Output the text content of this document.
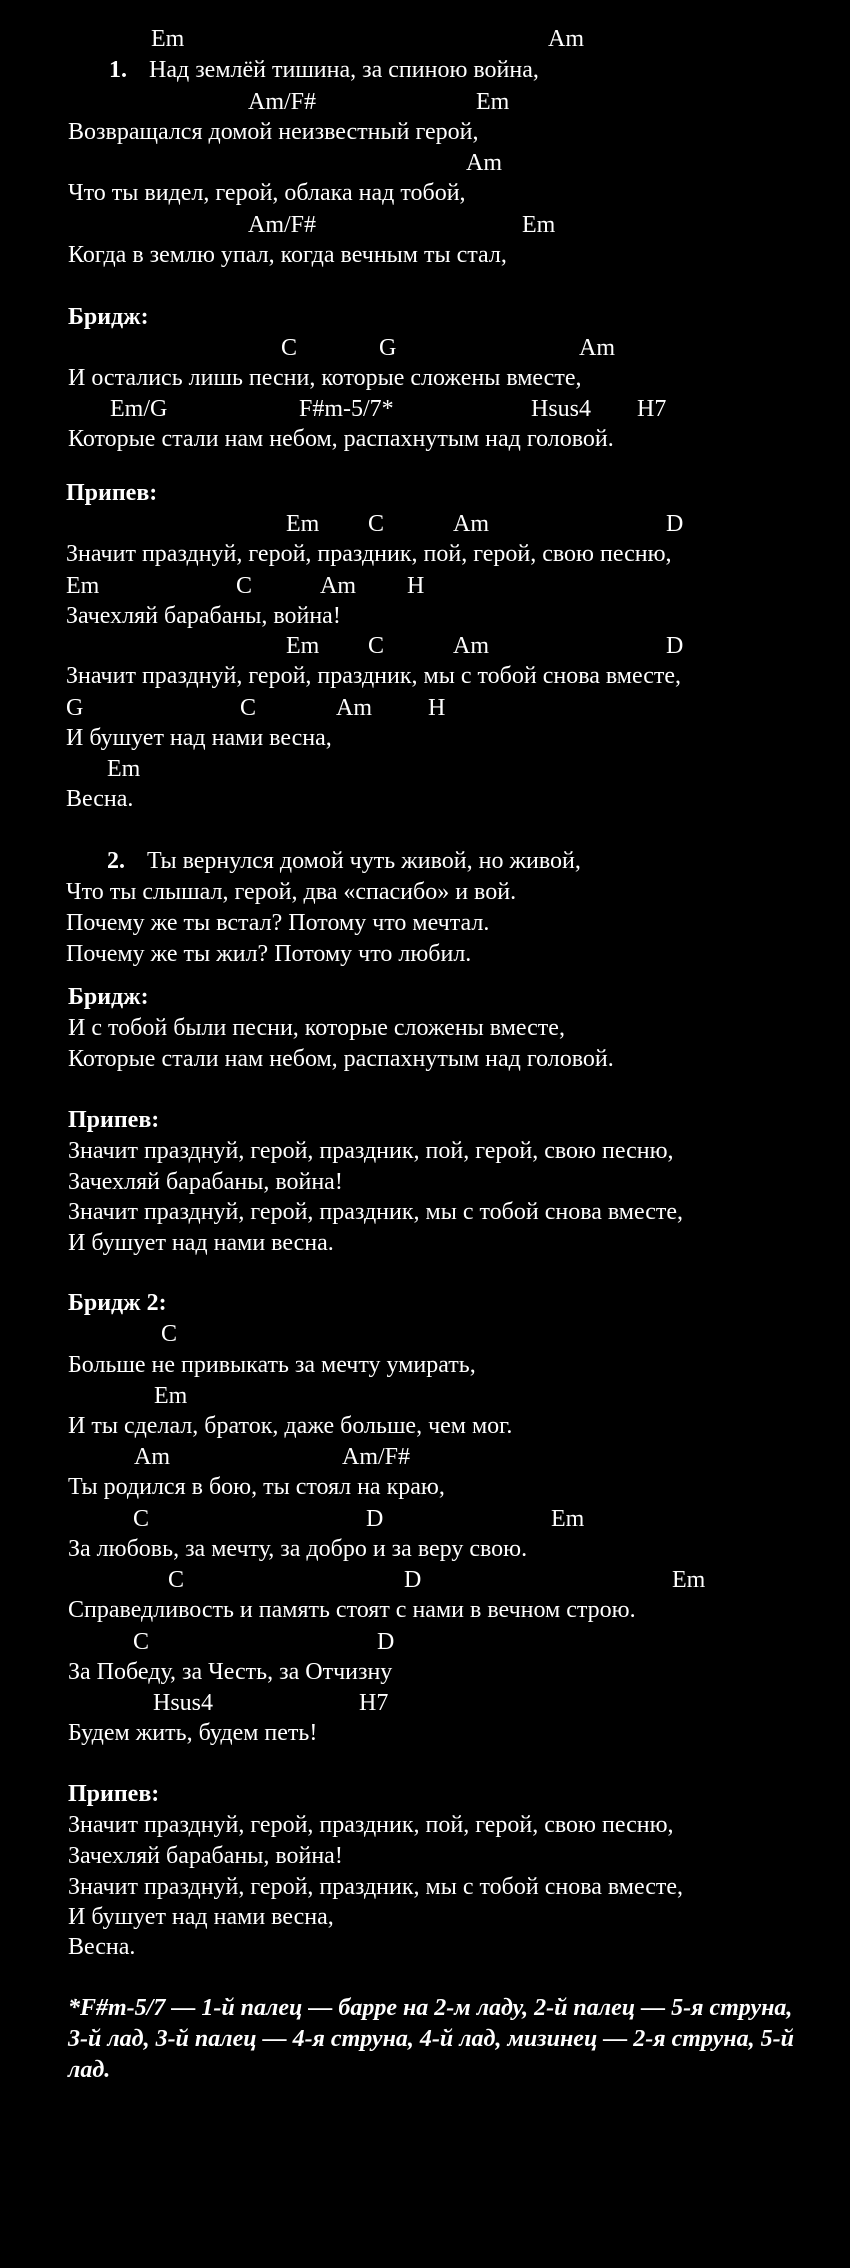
Em	Am
1. Над землёй тишина, за спиною война,
Am/F#	Em
Возвращался домой неизвестный герой,
Am
Что ты видел, герой, облака над тобой,
Am/F#	Em
Когда в землю упал, когда вечным ты стал,
Бридж:
C	G	Am
И остались лишь песни, которые сложены вместе,
Em/G	F#m-5/7*	Hsus4 H7
Которые стали нам небом, распахнутым над головой.
Припев:
Em C	Am	D
Значит празднуй, герой, праздник, пой, герой, свою песню,
Em	C	Am H
Зачехляй барабаны, война!
Em C	Am	D
Значит празднуй, герой, праздник, мы с тобой снова вместе,
G	C	Am H
И бушует над нами весна,
Em
Весна.
2. Ты вернулся домой чуть живой, но живой,
Что ты слышал, герой, два «спасибо» и вой.
Почему же ты встал? Потому что мечтал.
Почему же ты жил? Потому что любил.
Бридж:
И с тобой были песни, которые сложены вместе,
Которые стали нам небом, распахнутым над головой.
Припев:
Значит празднуй, герой, праздник, пой, герой, свою песню,
Зачехляй барабаны, война!
Значит празднуй, герой, праздник, мы с тобой снова вместе,
И бушует над нами весна.
Бридж 2:
C
Больше не привыкать за мечту умирать,
Em
И ты сделал, браток, даже больше, чем мог.
Am	Am/F#
Ты родился в бою, ты стоял на краю,
C	D	Em
За любовь, за мечту, за добро и за веру свою.
C	D	Em
Справедливость и память стоят с нами в вечном строю.
C	D
За Победу, за Честь, за Отчизну
Hsus4	H7
Будем жить, будем петь!
Припев:
Значит празднуй, герой, праздник, пой, герой, свою песню,
Зачехляй барабаны, война!
Значит празднуй, герой, праздник, мы с тобой снова вместе,
И бушует над нами весна,
Весна.
*F#m-5/7 — 1-й палец — барре на 2-м ладу, 2-й палец — 5-я струна, 3-й лад, 3-й палец — 4-я струна, 4-й лад, мизинец — 2-я струна, 5-й лад.
